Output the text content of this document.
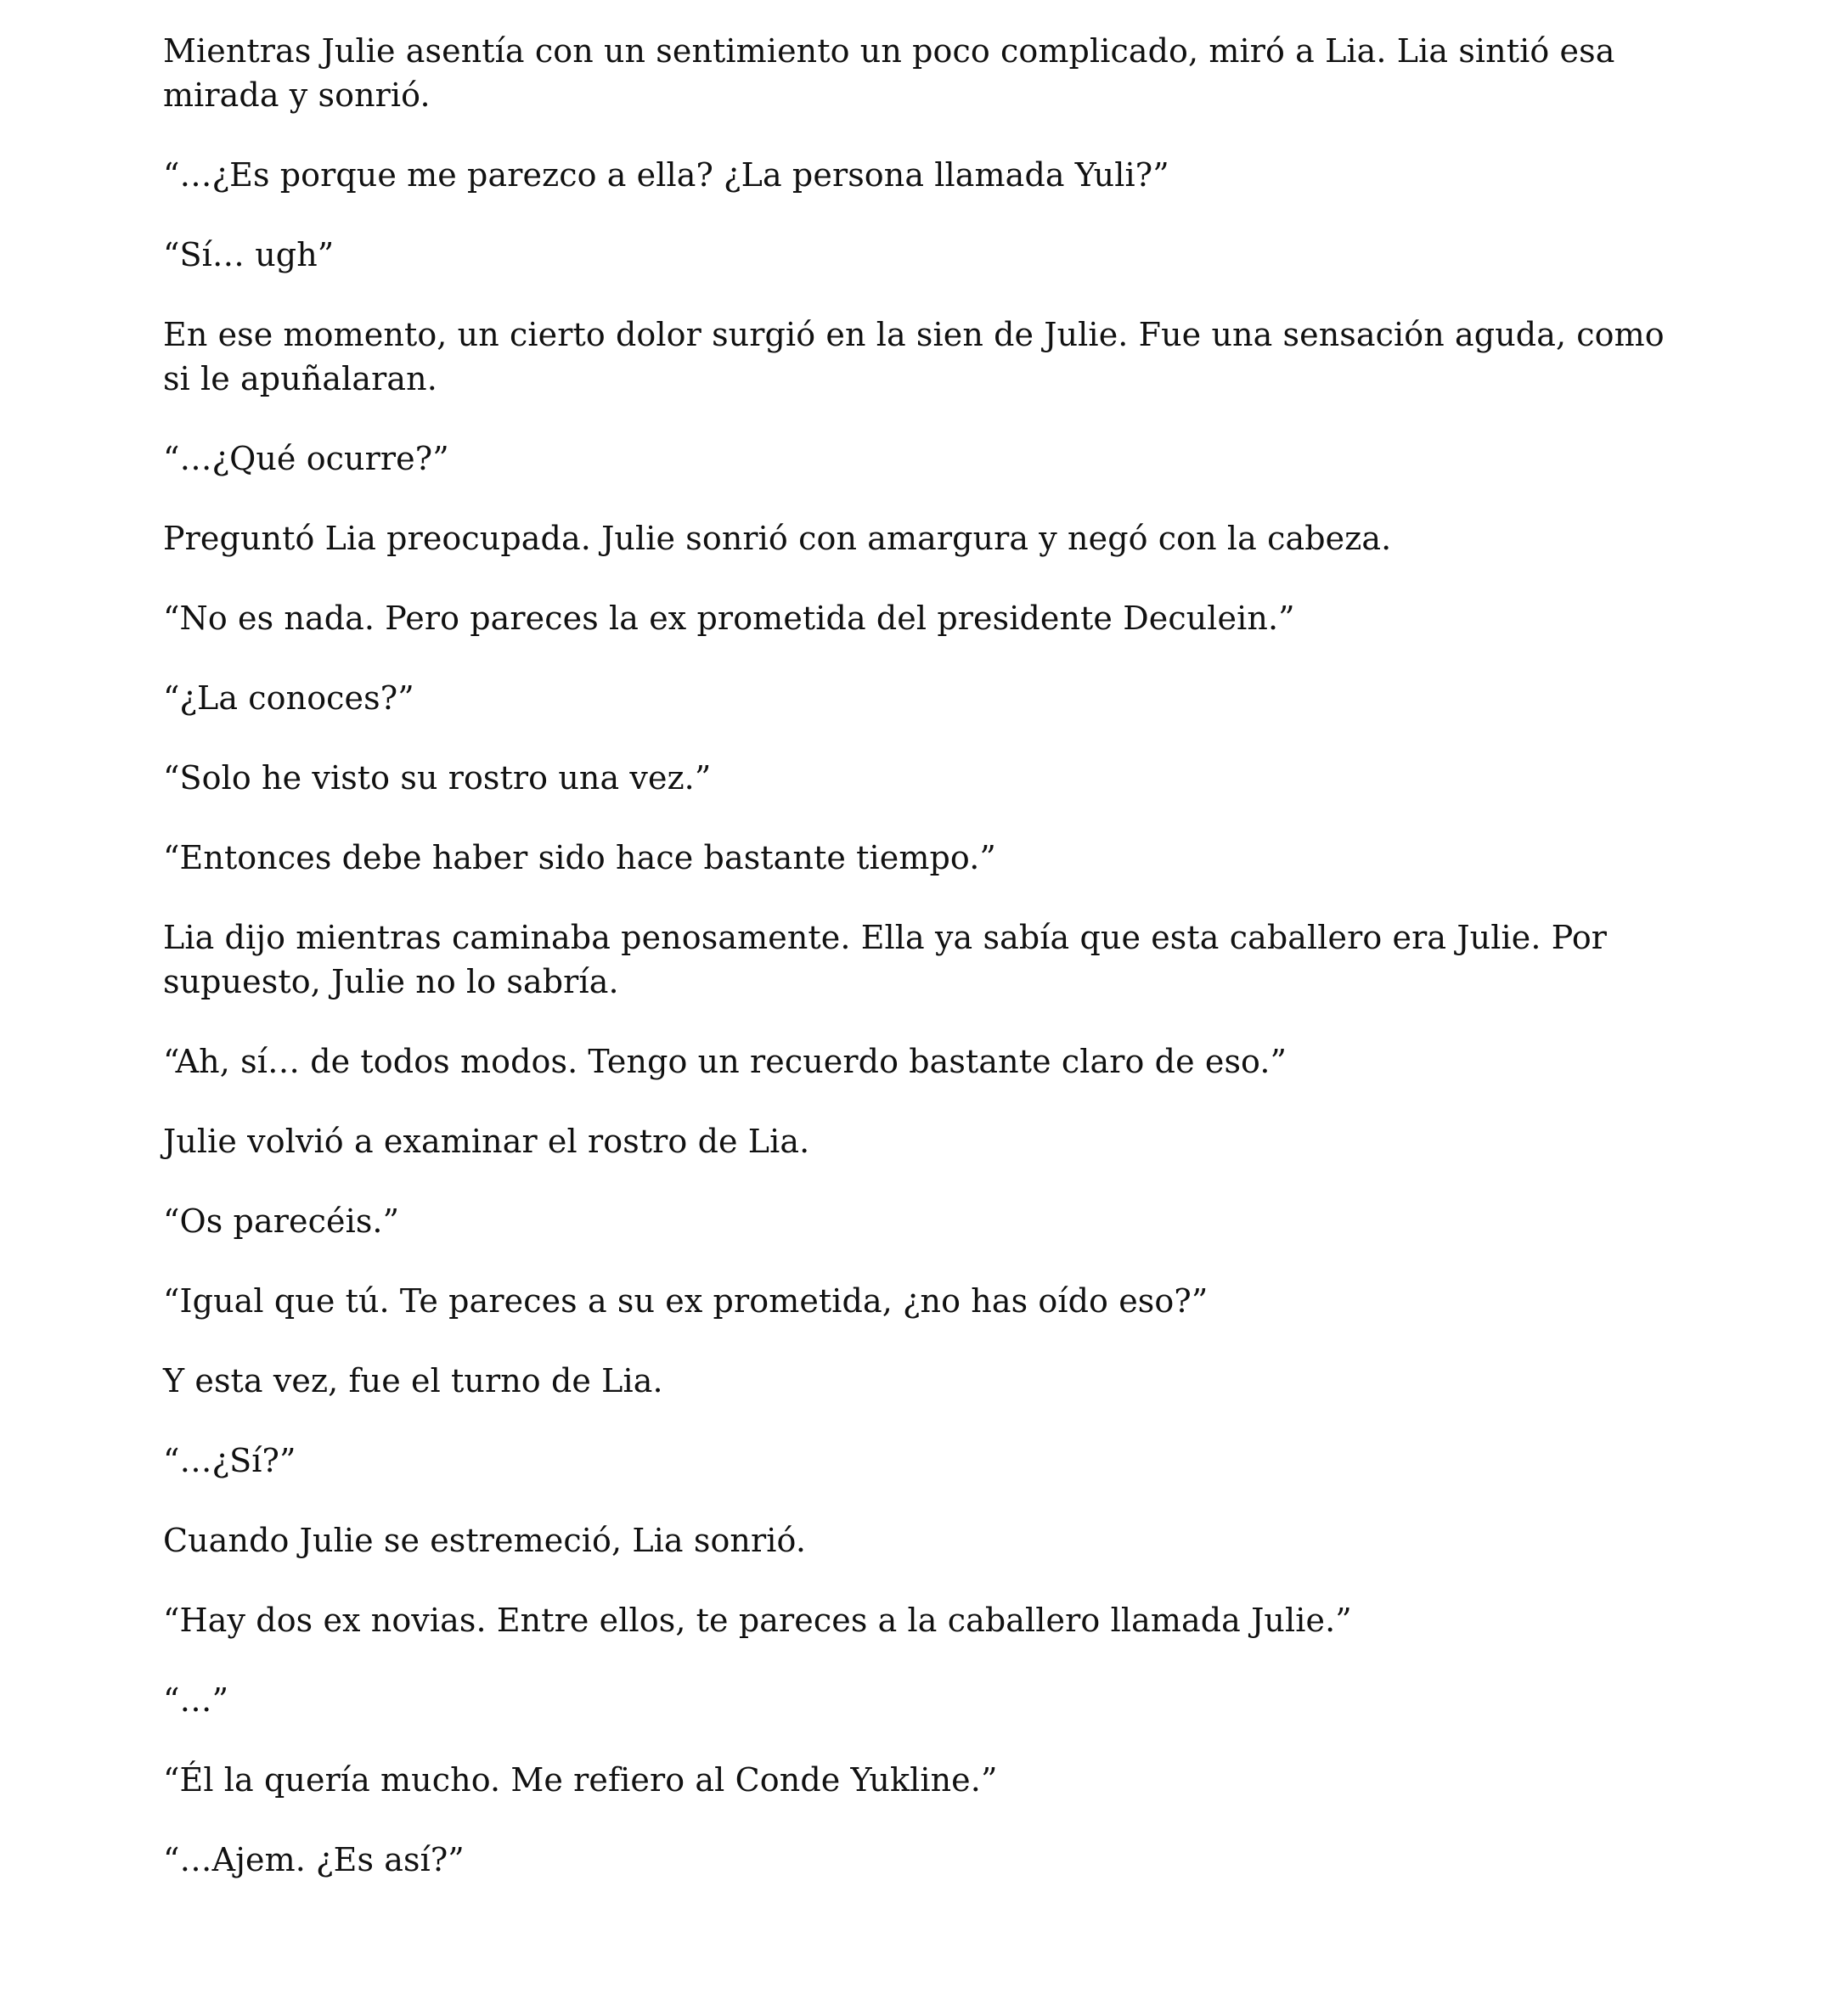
Mientras Julie asentía con un sentimiento un poco complicado, miró a Lia. Lia sintió esa mirada y sonrió.

“…¿Es porque me parezco a ella? ¿La persona llamada Yuli?”

“Sí… ugh”

En ese momento, un cierto dolor surgió en la sien de Julie. Fue una sensación aguda, como si le apuñalaran.

“…¿Qué ocurre?”

Preguntó Lia preocupada. Julie sonrió con amargura y negó con la cabeza.

“No es nada. Pero pareces la ex prometida del presidente Deculein.”

“¿La conoces?”

“Solo he visto su rostro una vez.”

“Entonces debe haber sido hace bastante tiempo.”

Lia dijo mientras caminaba penosamente. Ella ya sabía que esta caballero era Julie. Por supuesto, Julie no lo sabría.

“Ah, sí… de todos modos. Tengo un recuerdo bastante claro de eso.”

Julie volvió a examinar el rostro de Lia.

“Os parecéis.”

“Igual que tú. Te pareces a su ex prometida, ¿no has oído eso?”

Y esta vez, fue el turno de Lia.

“…¿Sí?”

Cuando Julie se estremeció, Lia sonrió.

“Hay dos ex novias. Entre ellos, te pareces a la caballero llamada Julie.”

“…”

“Él la quería mucho. Me refiero al Conde Yukline.”

“…Ajem. ¿Es así?”
